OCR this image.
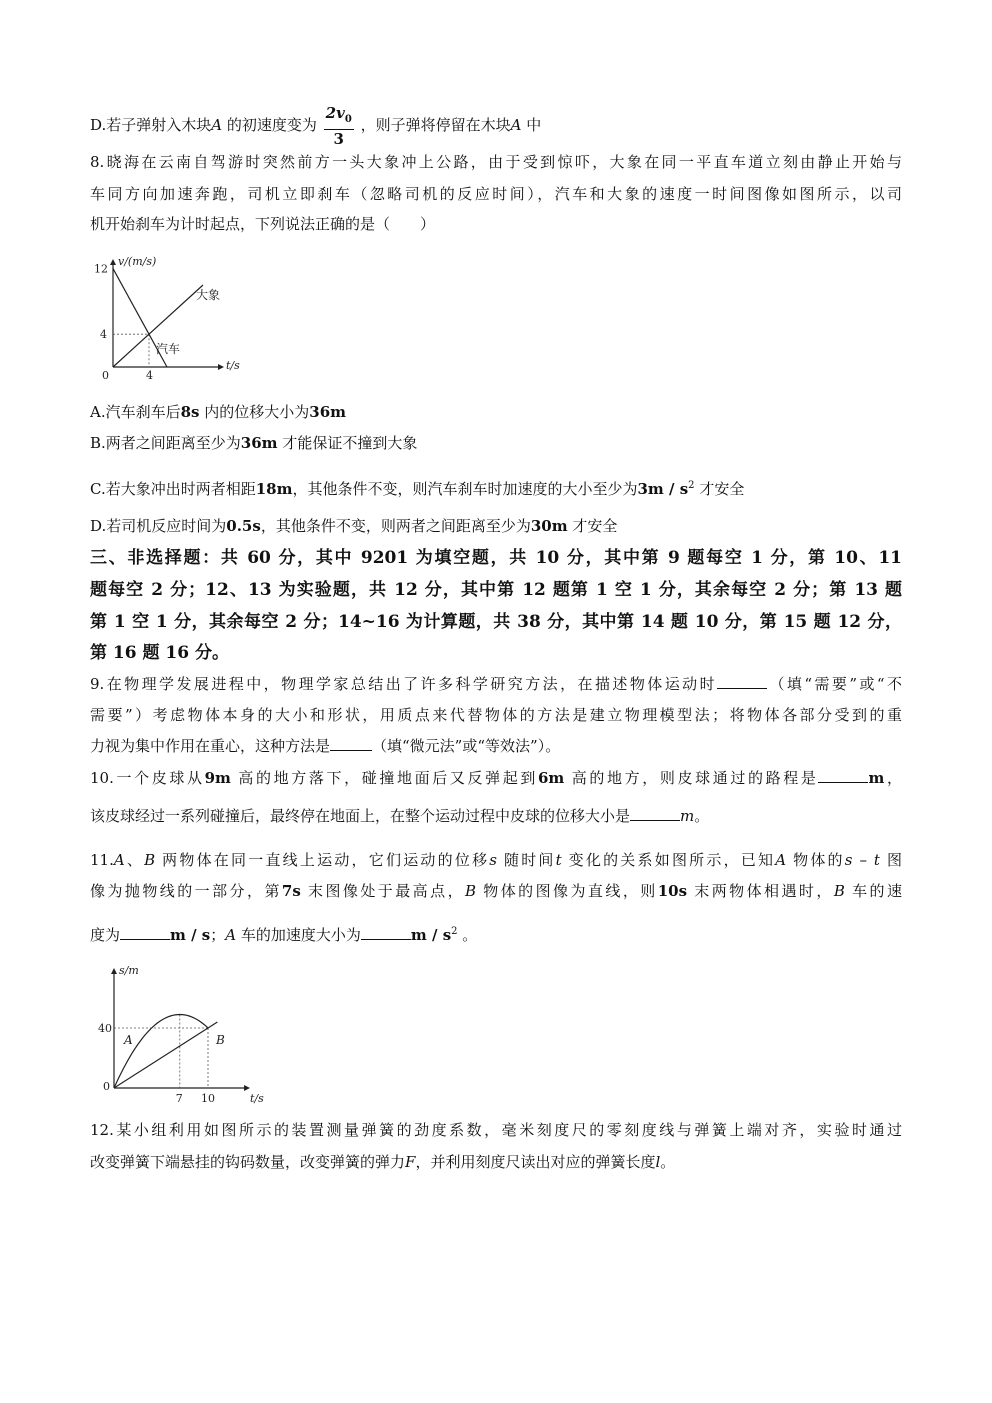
D.若子弹射入木块A 的初速度变为 $\frac{2v_0}{3}$ ，则子弹将停留在木块A 中
8.晓海在云南自驾游时突然前方一头大象冲上公路，由于受到惊吓，大象在同一平直车道立刻由静止开始与
车同方向加速奔跑，司机立即刹车（忽略司机的反应时间），汽车和大象的速度一时间图像如图所示，以司
机开始刹车为计时起点，下列说法正确的是（　　）
v/(m/s)
t/s
12
4
0	4
大象
汽车
A.汽车刹车后8s 内的位移大小为36m
B.两者之间距离至少为36m 才能保证不撞到大象
C.若大象冲出时两者相距18m，其他条件不变，则汽车刹车时加速度的大小至少为$3m / s^2$ 才安全
D.若司机反应时间为0.5s，其他条件不变，则两者之间距离至少为30m 才安全
三、非选择题：共 60 分，其中 9201 为填空题，共 10 分，其中第 9 题每空 1 分，第 10、11
题每空 2 分；12、13 为实验题，共 12 分，其中第 12 题第 1 空 1 分，其余每空 2 分；第 13 题
第 1 空 1 分，其余每空 2 分；14~16 为计算题，共 38 分，其中第 14 题 10 分，第 15 题 12 分，
第 16 题 16 分。
9.在物理学发展进程中，物理学家总结出了许多科学研究方法，在描述物体运动时	（填“需要”或“不
需要”）考虑物体本身的大小和形状，用质点来代替物体的方法是建立物理模型法；将物体各部分受到的重
力视为集中作用在重心，这种方法是	（填“微元法”或“等效法”）。
10.一个皮球从9m 高的地方落下，碰撞地面后又反弹起到6m 高的地方，则皮球通过的路程是	m，
该皮球经过一系列碰撞后，最终停在地面上，在整个运动过程中皮球的位移大小是	m。
11.A、B 两物体在同一直线上运动，它们运动的位移s 随时间t 变化的关系如图所示，已知A 物体的s – t 图
像为抛物线的一部分，第7s 末图像处于最高点，B 物体的图像为直线，则10s 末两物体相遇时，B 车的速
度为	m / s；A 车的加速度大小为	m / $s^2$ 。
s/m
t/s
40
0
7 10
A	B
12.某小组利用如图所示的装置测量弹簧的劲度系数，毫米刻度尺的零刻度线与弹簧上端对齐，实验时通过
改变弹簧下端悬挂的钩码数量，改变弹簧的弹力F，并利用刻度尺读出对应的弹簧长度l。
